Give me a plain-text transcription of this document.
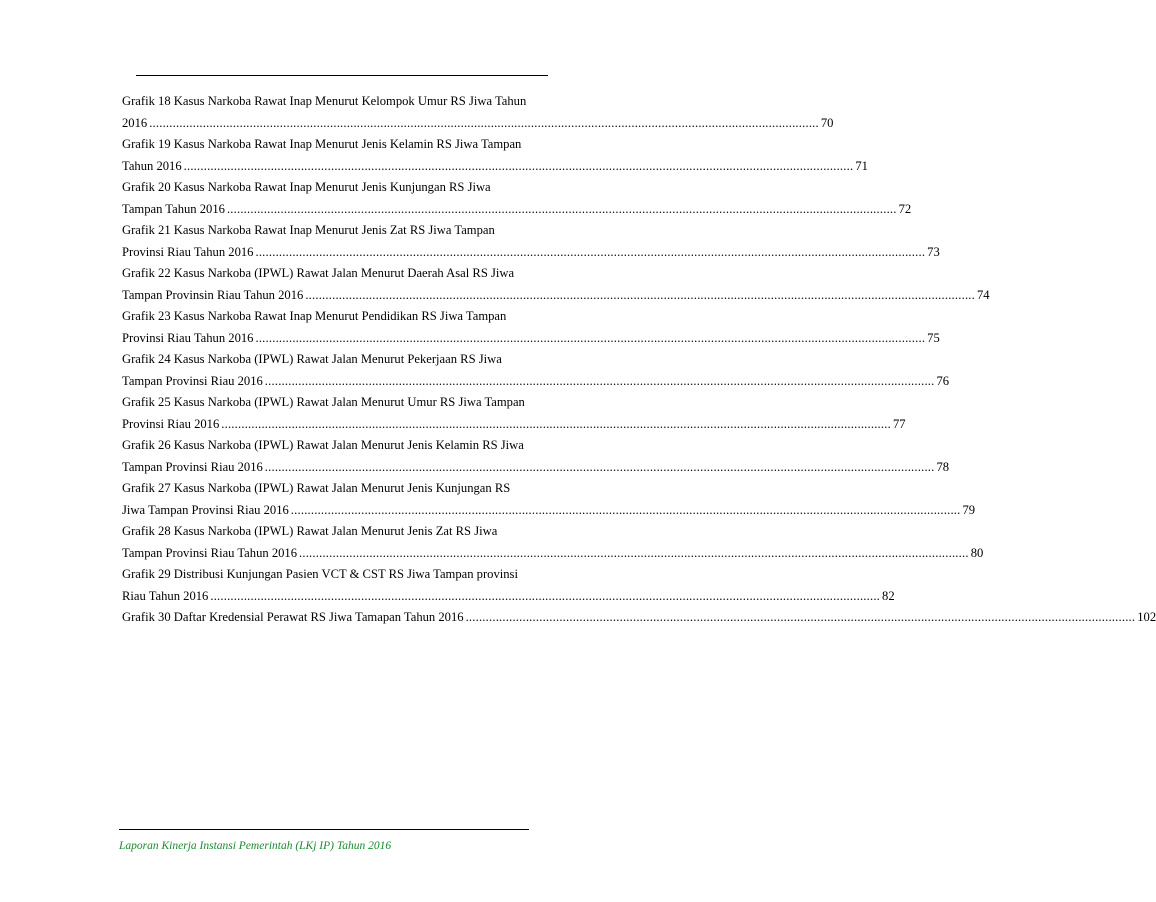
Grafik 18 Kasus Narkoba Rawat Inap Menurut Kelompok Umur RS Jiwa Tahun
2016 ........................................................................................................................................................................................................ 70
Grafik 19 Kasus Narkoba Rawat Inap Menurut Jenis Kelamin RS Jiwa Tampan
Tahun 2016 ........................................................................................................................................................................................................ 71
Grafik 20 Kasus Narkoba Rawat Inap Menurut Jenis Kunjungan RS Jiwa
Tampan Tahun 2016 ........................................................................................................................................................................................................ 72
Grafik 21 Kasus Narkoba Rawat Inap Menurut Jenis Zat RS Jiwa Tampan
Provinsi Riau Tahun 2016 ........................................................................................................................................................................................................ 73
Grafik 22 Kasus Narkoba (IPWL) Rawat Jalan Menurut Daerah Asal RS Jiwa
Tampan Provinsin Riau Tahun 2016 ........................................................................................................................................................................................................ 74
Grafik 23 Kasus Narkoba Rawat Inap Menurut Pendidikan RS Jiwa Tampan
Provinsi Riau Tahun 2016 ........................................................................................................................................................................................................ 75
Grafik 24 Kasus Narkoba (IPWL) Rawat Jalan Menurut Pekerjaan RS Jiwa
Tampan Provinsi Riau 2016 ........................................................................................................................................................................................................ 76
Grafik 25 Kasus Narkoba (IPWL) Rawat Jalan Menurut Umur RS Jiwa Tampan
Provinsi Riau 2016 ........................................................................................................................................................................................................ 77
Grafik 26 Kasus Narkoba (IPWL) Rawat Jalan Menurut Jenis Kelamin RS Jiwa
Tampan Provinsi Riau 2016 ........................................................................................................................................................................................................ 78
Grafik 27 Kasus Narkoba (IPWL) Rawat Jalan Menurut Jenis Kunjungan RS
Jiwa Tampan Provinsi Riau 2016 ........................................................................................................................................................................................................ 79
Grafik 28 Kasus Narkoba (IPWL) Rawat Jalan Menurut Jenis Zat RS Jiwa
Tampan Provinsi Riau Tahun 2016 ........................................................................................................................................................................................................ 80
Grafik 29 Distribusi Kunjungan Pasien VCT & CST RS Jiwa Tampan provinsi
Riau Tahun 2016 ........................................................................................................................................................................................................ 82
Grafik 30 Daftar Kredensial Perawat RS Jiwa Tamapan Tahun 2016 ........................................................................................................................................................................................................ 102
Laporan Kinerja Instansi Pemerintah (LKj IP) Tahun 2016
